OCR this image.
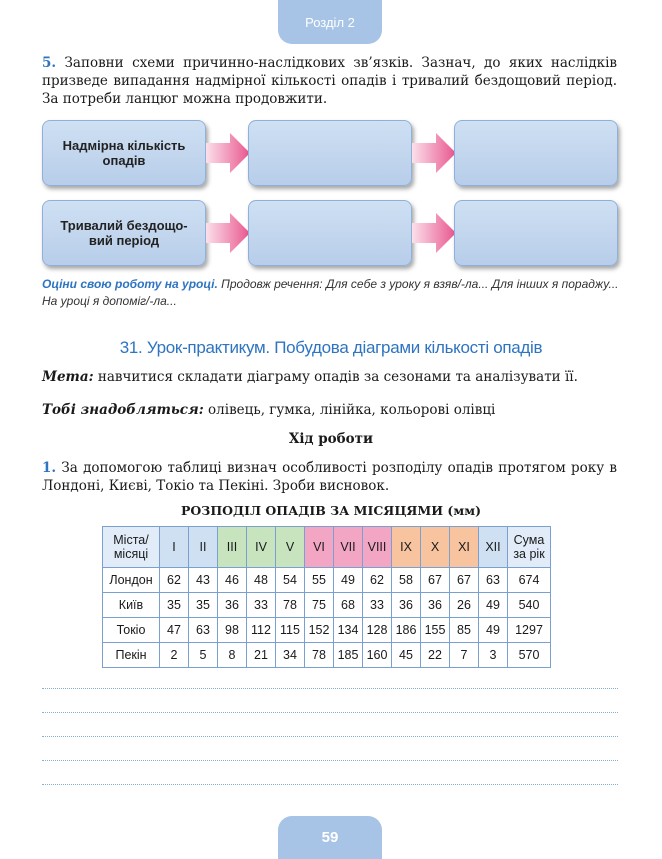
Розділ 2
5. Заповни схеми причинно-наслідкових зв’язків. Зазнач, до яких наслідків призведе випадання надмірної кількості опадів і тривалий бездощовий період. За потреби ланцюг можна продовжити.
Надмірна кількість опадів
Тривалий бездощо-вий період
Оціни свою роботу на уроці. Продовж речення: Для себе з уроку я взяв/-ла... Для інших я пораджу... На уроці я допоміг/-ла...
31. Урок-практикум. Побудова діаграми кількості опадів
Мета: навчитися складати діаграму опадів за сезонами та аналізувати її.
Тобі знадобляться: олівець, гумка, лінійка, кольорові олівці
Хід роботи
1. За допомогою таблиці визнач особливості розподілу опадів протягом року в Лондоні, Києві, Токіо та Пекіні. Зроби висновок.
РОЗПОДІЛ ОПАДІВ ЗА МІСЯЦЯМИ (мм)
Міста/ місяці	I	II	III	IV	V	VI	VII	VIII	IX	X	XI	XII	Сума за рік
Лондон	62	43	46	48	54	55	49	62	58	67	67	63	674
Київ	35	35	36	33	78	75	68	33	36	36	26	49	540
Токіо	47	63	98	112	115	152	134	128	186	155	85	49	1297
Пекін	2	5	8	21	34	78	185	160	45	22	7	3	570
59
